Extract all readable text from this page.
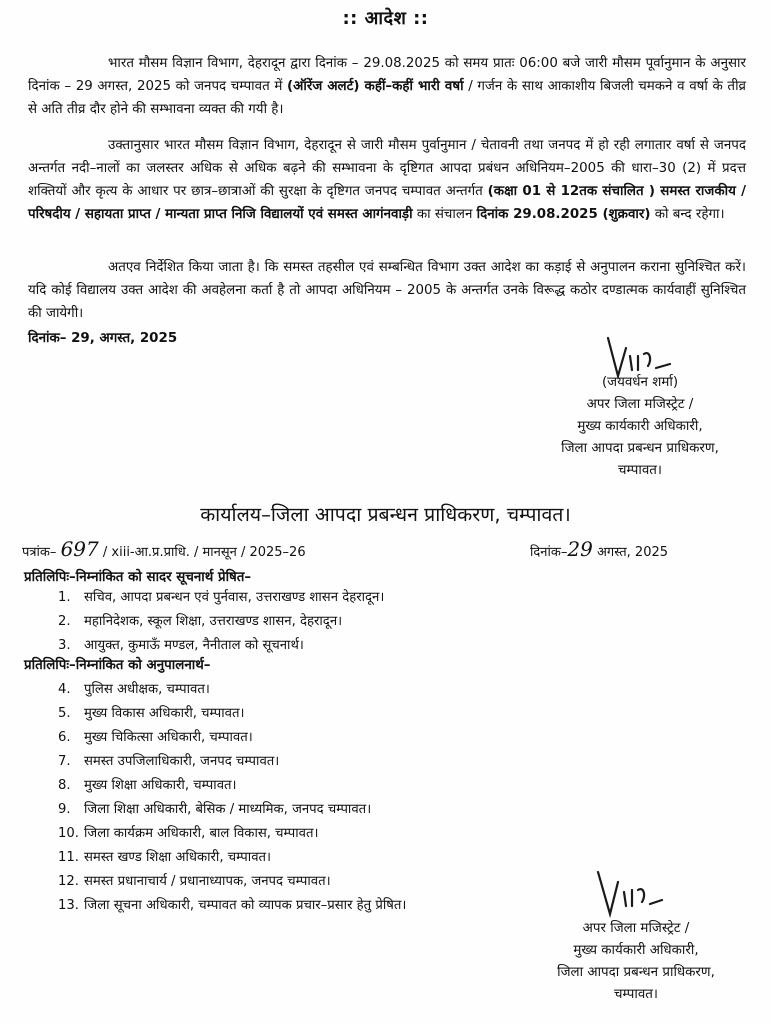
:: आदेश ::
भारत मौसम विज्ञान विभाग, देहरादून द्वारा दिनांक – 29.08.2025 को समय प्रातः 06:00 बजे जारी मौसम पूर्वानुमान के अनुसार दिनांक – 29 अगस्त, 2025 को जनपद चम्पावत में (ऑरेंज अलर्ट) कहीं–कहीं भारी वर्षा / गर्जन के साथ आकाशीय बिजली चमकने व वर्षा के तीव्र से अति तीव्र दौर होने की सम्भावना व्यक्त की गयी है।
उक्तानुसार भारत मौसम विज्ञान विभाग, देहरादून से जारी मौसम पुर्वानुमान / चेतावनी तथा जनपद में हो रही लगातार वर्षा से जनपद अन्तर्गत नदी–नालों का जलस्तर अधिक से अधिक बढ़ने की सम्भावना के दृष्टिगत आपदा प्रबंधन अधिनियम–2005 की धारा–30 (2) में प्रदत्त शक्तियों और कृत्य के आधार पर छात्र–छात्राओं की सुरक्षा के दृष्टिगत जनपद चम्पावत अन्तर्गत (कक्षा 01 से 12तक संचालित ) समस्त राजकीय / परिषदीय / सहायता प्राप्त / मान्यता प्राप्त निजि विद्यालयों एवं समस्त आगंनवाड़ी का संचालन दिनांक 29.08.2025 (शुक्रवार) को बन्द रहेगा।
अतएव निर्देशित किया जाता है। कि समस्त तहसील एवं सम्बन्धित विभाग उक्त आदेश का कड़ाई से अनुपालन कराना सुनिश्चित करें। यदि कोई विद्यालय उक्त आदेश की अवहेलना कर्ता है तो आपदा अधिनियम – 2005 के अन्तर्गत उनके विरूद्ध कठोर दण्डात्मक कार्यवाहीं सुनिश्चित की जायेगी।
दिनांक– 29, अगस्त, 2025
(जयवर्धन शर्मा)
अपर जिला मजिस्ट्रेट /
मुख्य कार्यकारी अधिकारी,
जिला आपदा प्रबन्धन प्राधिकरण,
चम्पावत।
कार्यालय–जिला आपदा प्रबन्धन प्राधिकरण, चम्पावत।
पत्रांक– 697 / xiii-आ.प्र.प्राधि. / मानसून / 2025–26	दिनांक–29 अगस्त, 2025
प्रतिलिपिः–निम्नांकित को सादर सूचनार्थ प्रेषित–
1. सचिव, आपदा प्रबन्धन एवं पुर्नवास, उत्तराखण्ड शासन देहरादून।
2. महानिदेशक, स्कूल शिक्षा, उत्तराखण्ड शासन, देहरादून।
3. आयुक्त, कुमाऊँ मण्डल, नैनीताल को सूचनार्थ।
प्रतिलिपिः–निम्नांकित को अनुपालनार्थ–
4. पुलिस अधीक्षक, चम्पावत।
5. मुख्य विकास अधिकारी, चम्पावत।
6. मुख्य चिकित्सा अधिकारी, चम्पावत।
7. समस्त उपजिलाधिकारी, जनपद चम्पावत।
8. मुख्य शिक्षा अधिकारी, चम्पावत।
9. जिला शिक्षा अधिकारी, बेसिक / माध्यमिक, जनपद चम्पावत।
10. जिला कार्यक्रम अधिकारी, बाल विकास, चम्पावत।
11. समस्त खण्ड शिक्षा अधिकारी, चम्पावत।
12. समस्त प्रधानाचार्य / प्रधानाध्यापक, जनपद चम्पावत।
13. जिला सूचना अधिकारी, चम्पावत को व्यापक प्रचार–प्रसार हेतु प्रेषित।
अपर जिला मजिस्ट्रेट /
मुख्य कार्यकारी अधिकारी,
जिला आपदा प्रबन्धन प्राधिकरण,
चम्पावत।
